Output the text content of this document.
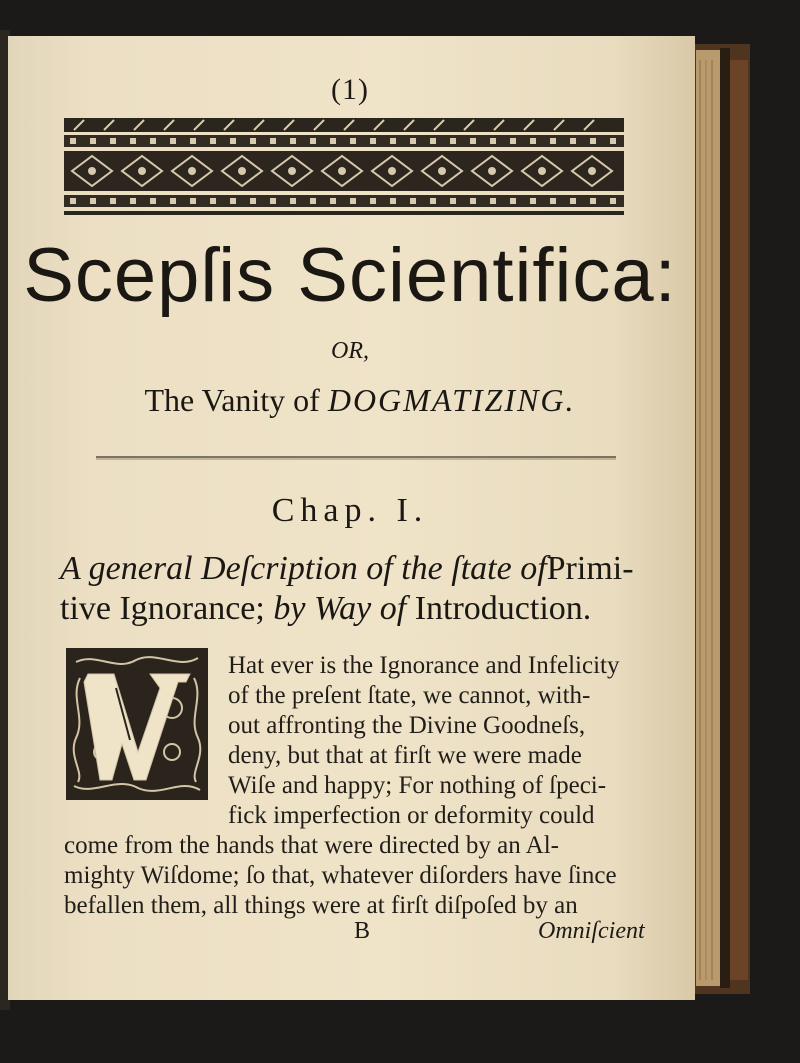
(1)
Scepſis Scientifica:
OR,
The Vanity of DOGMATIZING.
Chap. I.
A general Deſcription of the ſtate ofPrimi-
tive Ignorance; by Way of Introduction.
Hat ever is the Ignorance and Infelicity
of the preſent ſtate, we cannot, with-
out affronting the Divine Goodneſs,
deny, but that at firſt we were made
Wiſe and happy; For nothing of ſpeci-
fick imperfection or deformity could
come from the hands that were directed by an Al-
mighty Wiſdome; ſo that, whatever diſorders have ſince
befallen them, all things were at firſt diſpoſed by an
B	Omniſcient
